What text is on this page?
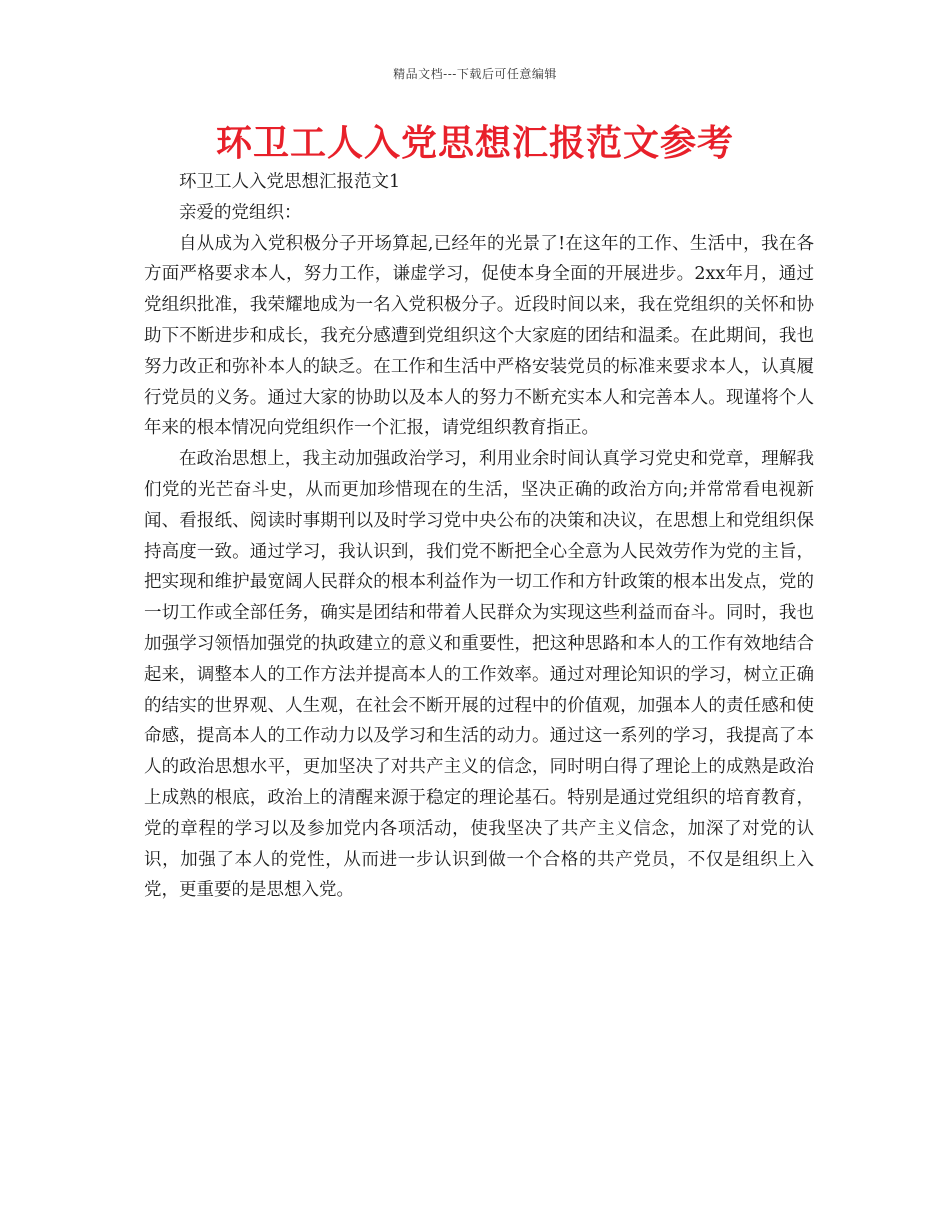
精品文档---下载后可任意编辑
环卫工人入党思想汇报范文参考

环卫工人入党思想汇报范文1

亲爱的党组织：

自从成为入党积极分子开场算起,已经年的光景了!在这年的工作、生活中，我在各方面严格要求本人，努力工作，谦虚学习，促使本身全面的开展进步。2xx年月，通过党组织批准，我荣耀地成为一名入党积极分子。近段时间以来，我在党组织的关怀和协助下不断进步和成长，我充分感遭到党组织这个大家庭的团结和温柔。在此期间，我也努力改正和弥补本人的缺乏。在工作和生活中严格安装党员的标准来要求本人，认真履行党员的义务。通过大家的协助以及本人的努力不断充实本人和完善本人。现谨将个人年来的根本情况向党组织作一个汇报，请党组织教育指正。

在政治思想上，我主动加强政治学习，利用业余时间认真学习党史和党章，理解我们党的光芒奋斗史，从而更加珍惜现在的生活，坚决正确的政治方向;并常常看电视新闻、看报纸、阅读时事期刊以及时学习党中央公布的决策和决议，在思想上和党组织保持高度一致。通过学习，我认识到，我们党不断把全心全意为人民效劳作为党的主旨，把实现和维护最宽阔人民群众的根本利益作为一切工作和方针政策的根本出发点，党的一切工作或全部任务，确实是团结和带着人民群众为实现这些利益而奋斗。同时，我也加强学习领悟加强党的执政建立的意义和重要性，把这种思路和本人的工作有效地结合起来，调整本人的工作方法并提高本人的工作效率。通过对理论知识的学习，树立正确的结实的世界观、人生观，在社会不断开展的过程中的价值观，加强本人的责任感和使命感，提高本人的工作动力以及学习和生活的动力。通过这一系列的学习，我提高了本人的政治思想水平，更加坚决了对共产主义的信念，同时明白得了理论上的成熟是政治上成熟的根底，政治上的清醒来源于稳定的理论基石。特别是通过党组织的培育教育，党的章程的学习以及参加党内各项活动，使我坚决了共产主义信念，加深了对党的认识，加强了本人的党性，从而进一步认识到做一个合格的共产党员，不仅是组织上入党，更重要的是思想入党。
